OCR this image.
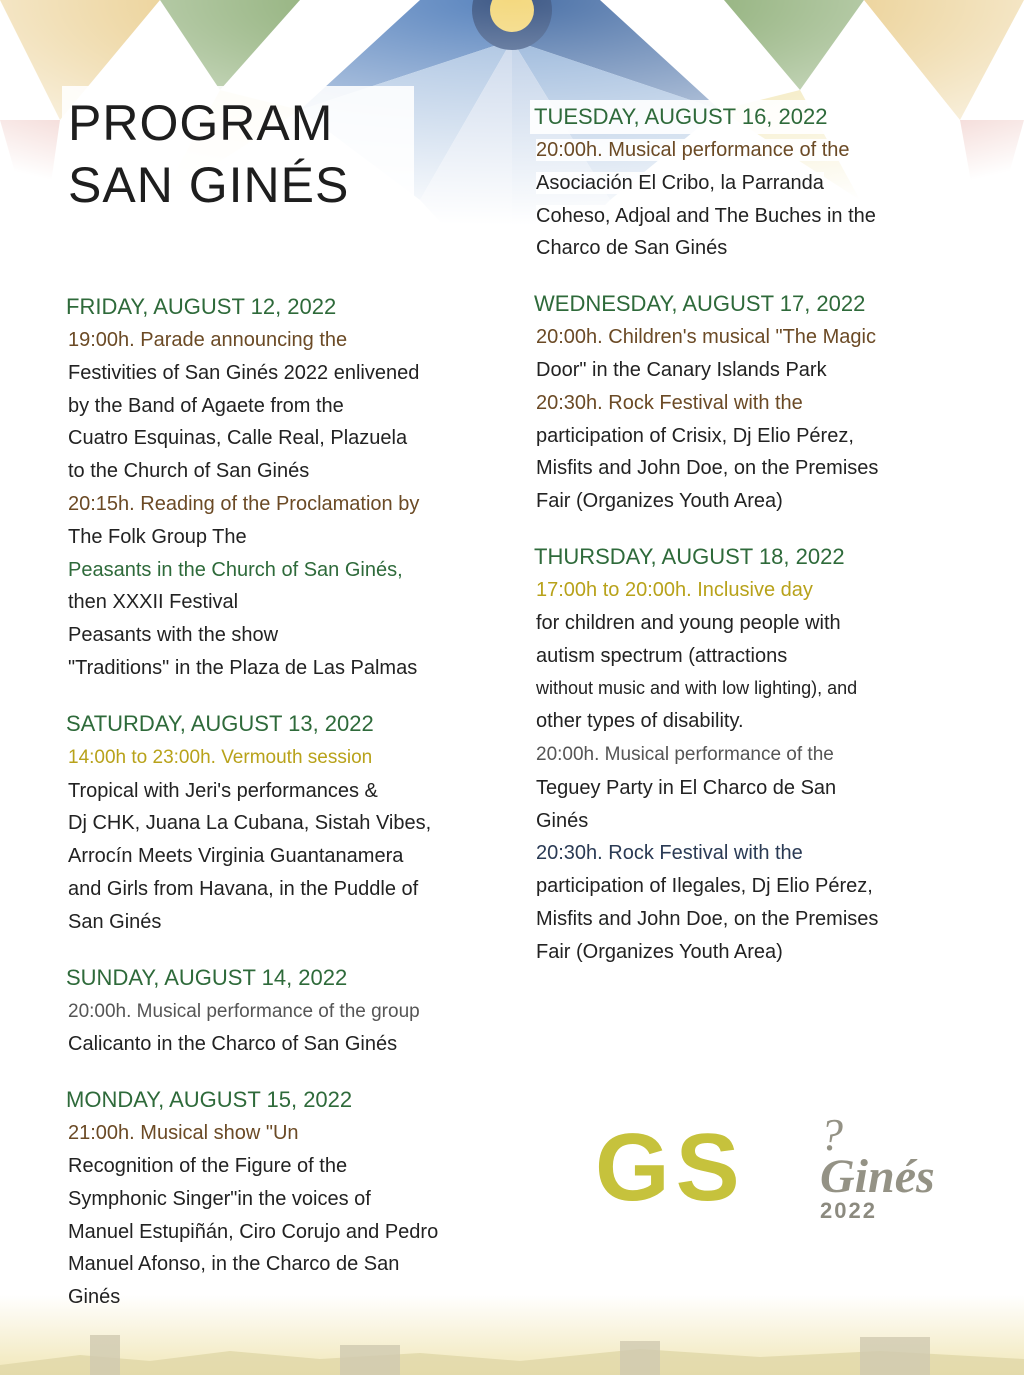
PROGRAM
SAN GINÉS
FRIDAY, AUGUST 12, 2022

19:00h. Parade announcing the
Festivities of San Ginés 2022 enlivened
by the Band of Agaete from the
Cuatro Esquinas, Calle Real, Plazuela
to the Church of San Ginés
20:15h. Reading of the Proclamation by
The Folk Group The
Peasants in the Church of San Ginés,
then XXXII Festival
Peasants with the show
"Traditions" in the Plaza de Las Palmas

SATURDAY, AUGUST 13, 2022

14:00h to 23:00h. Vermouth session
Tropical with Jeri's performances &
Dj CHK, Juana La Cubana, Sistah Vibes,
Arrocín Meets Virginia Guantanamera
and Girls from Havana, in the Puddle of
San Ginés

SUNDAY, AUGUST 14, 2022

20:00h. Musical performance of the group
Calicanto in the Charco of San Ginés

MONDAY, AUGUST 15, 2022

21:00h. Musical show "Un
Recognition of the Figure of the
Symphonic Singer"in the voices of
Manuel Estupiñán, Ciro Corujo and Pedro
Manuel Afonso, in the Charco de San
Ginés

TUESDAY, AUGUST 16, 2022

20:00h. Musical performance of the
Asociación El Cribo, la Parranda
Coheso, Adjoal and The Buches in the
Charco de San Ginés

WEDNESDAY, AUGUST 17, 2022

20:00h. Children's musical "The Magic
Door" in the Canary Islands Park
20:30h. Rock Festival with the
participation of Crisix, Dj Elio Pérez,
Misfits and John Doe, on the Premises
Fair (Organizes Youth Area)

THURSDAY, AUGUST 18, 2022

17:00h to 20:00h. Inclusive day
for children and young people with
autism spectrum (attractions
without music and with low lighting), and
other types of disability.
20:00h. Musical performance of the
Teguey Party in El Charco de San
Ginés
20:30h. Rock Festival with the
participation of Ilegales, Dj Elio Pérez,
Misfits and John Doe, on the Premises
Fair (Organizes Youth Area)

?
Ginés
GS	2022
